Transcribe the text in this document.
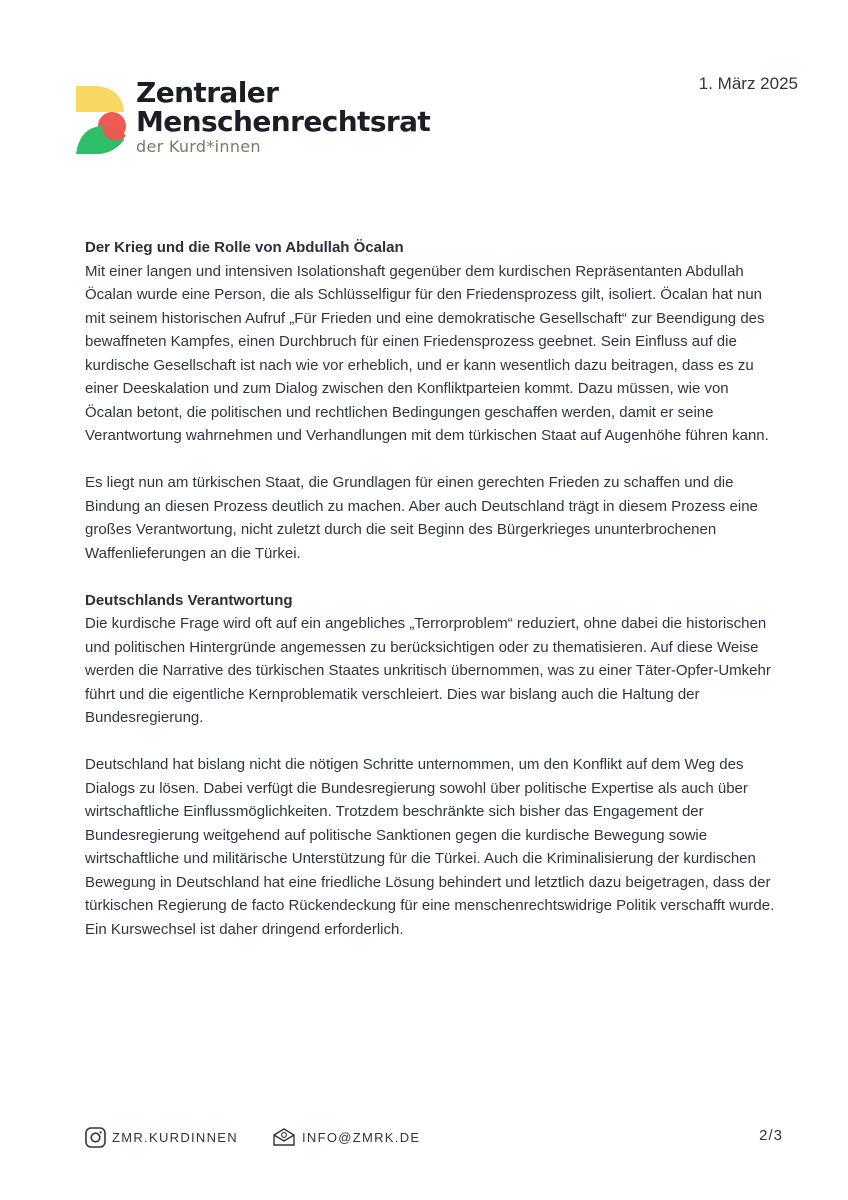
Zentraler
Menschenrechtsrat
der Kurd*innen
1. März 2025
Der Krieg und die Rolle von Abdullah Öcalan

Mit einer langen und intensiven Isolationshaft gegenüber dem kurdischen Repräsentanten Abdullah Öcalan wurde eine Person, die als Schlüsselfigur für den Friedensprozess gilt, isoliert. Öcalan hat nun mit seinem historischen Aufruf „Für Frieden und eine demokratische Gesellschaft“ zur Beendigung des bewaffneten Kampfes, einen Durchbruch für einen Friedensprozess geebnet. Sein Einfluss auf die kurdische Gesellschaft ist nach wie vor erheblich, und er kann wesentlich dazu beitragen, dass es zu einer Deeskalation und zum Dialog zwischen den Konfliktparteien kommt. Dazu müssen, wie von Öcalan betont, die politischen und rechtlichen Bedingungen geschaffen werden, damit er seine Verantwortung wahrnehmen und Verhandlungen mit dem türkischen Staat auf Augenhöhe führen kann.

Es liegt nun am türkischen Staat, die Grundlagen für einen gerechten Frieden zu schaffen und die Bindung an diesen Prozess deutlich zu machen. Aber auch Deutschland trägt in diesem Prozess eine großes Verantwortung, nicht zuletzt durch die seit Beginn des Bürgerkrieges ununterbrochenen Waffenlieferungen an die Türkei.

Deutschlands Verantwortung

Die kurdische Frage wird oft auf ein angebliches „Terrorproblem“ reduziert, ohne dabei die historischen und politischen Hintergründe angemessen zu berücksichtigen oder zu thematisieren. Auf diese Weise werden die Narrative des türkischen Staates unkritisch übernommen, was zu einer Täter-Opfer-Umkehr führt und die eigentliche Kernproblematik verschleiert. Dies war bislang auch die Haltung der Bundesregierung.

Deutschland hat bislang nicht die nötigen Schritte unternommen, um den Konflikt auf dem Weg des Dialogs zu lösen. Dabei verfügt die Bundesregierung sowohl über politische Expertise als auch über wirtschaftliche Einflussmöglichkeiten. Trotzdem beschränkte sich bisher das Engagement der Bundesregierung weitgehend auf politische Sanktionen gegen die kurdische Bewegung sowie wirtschaftliche und militärische Unterstützung für die Türkei. Auch die Kriminalisierung der kurdischen Bewegung in Deutschland hat eine friedliche Lösung behindert und letztlich dazu beigetragen, dass der türkischen Regierung de facto Rückendeckung für eine menschenrechtswidrige Politik verschafft wurde. Ein Kurswechsel ist daher dringend erforderlich.

ZMR.KURDINNEN	INFO@ZMRK.DE	2/3
